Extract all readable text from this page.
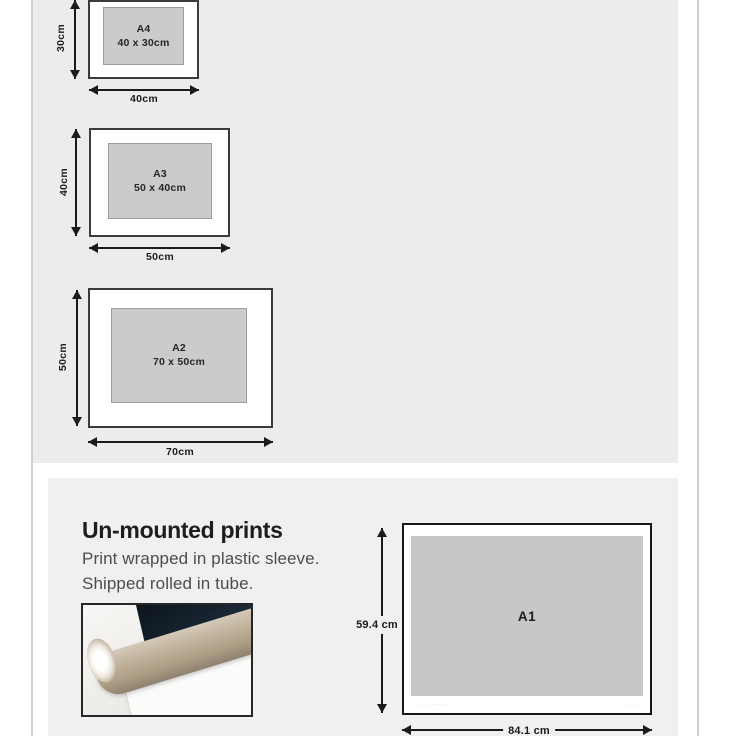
A4
40 x 30cm
30cm
40cm
A3
50 x 40cm
40cm
50cm
A2
70 x 50cm
50cm
70cm
Un-mounted prints

Print wrapped in plastic sleeve.

Shipped rolled in tube.

A1
··· ···· ····· ·····	··· ····
59.4 cm
84.1 cm
